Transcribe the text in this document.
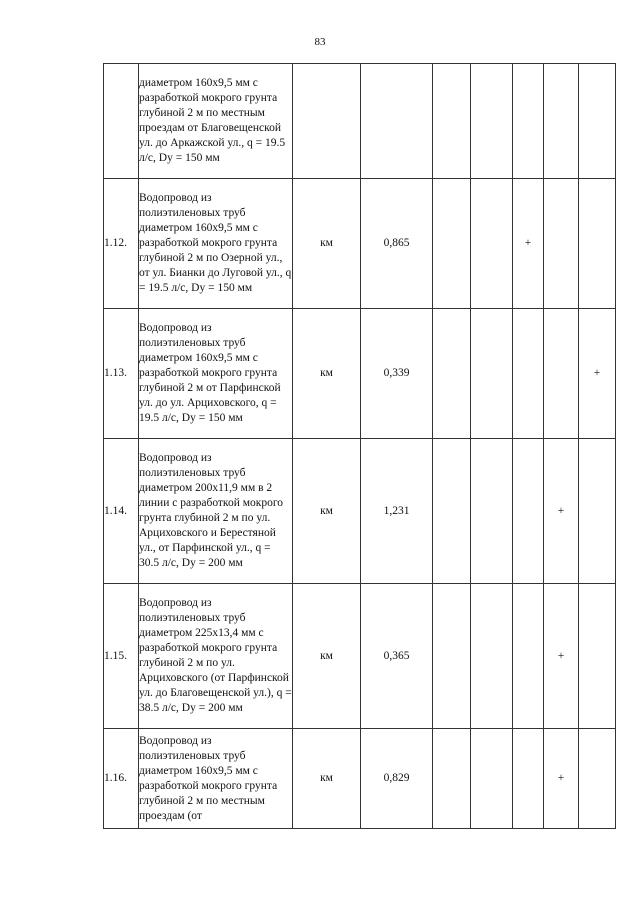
83
	диаметром 160х9,5 мм с разработкой мокрого грунта глубиной 2 м по местным проездам от Благовещенской ул. до Аркажской ул., q = 19.5 л/с, Dy = 150 мм							
1.12.	Водопровод из полиэтиленовых труб диаметром 160х9,5 мм с разработкой мокрого грунта глубиной 2 м по Озерной ул., от ул. Бианки до Луговой ул., q = 19.5 л/с, Dy = 150 мм	км	0,865			+		
1.13.	Водопровод из полиэтиленовых труб диаметром 160х9,5 мм с разработкой мокрого грунта глубиной 2 м от Парфинской ул. до ул. Арциховского, q = 19.5 л/с, Dy = 150 мм	км	0,339					+
1.14.	Водопровод из полиэтиленовых труб диаметром 200х11,9 мм в 2 линии с разработкой мокрого грунта глубиной 2 м по ул. Арциховского и Берестяной ул., от Парфинской ул., q = 30.5 л/с, Dy = 200 мм	км	1,231				+	
1.15.	Водопровод из полиэтиленовых труб диаметром 225х13,4 мм с разработкой мокрого грунта глубиной 2 м по ул. Арциховского (от Парфинской ул. до Благовещенской ул.), q = 38.5 л/с, Dy = 200 мм	км	0,365				+	
1.16.	Водопровод из полиэтиленовых труб диаметром 160х9,5 мм с разработкой мокрого грунта глубиной 2 м по местным проездам (от	км	0,829				+	
